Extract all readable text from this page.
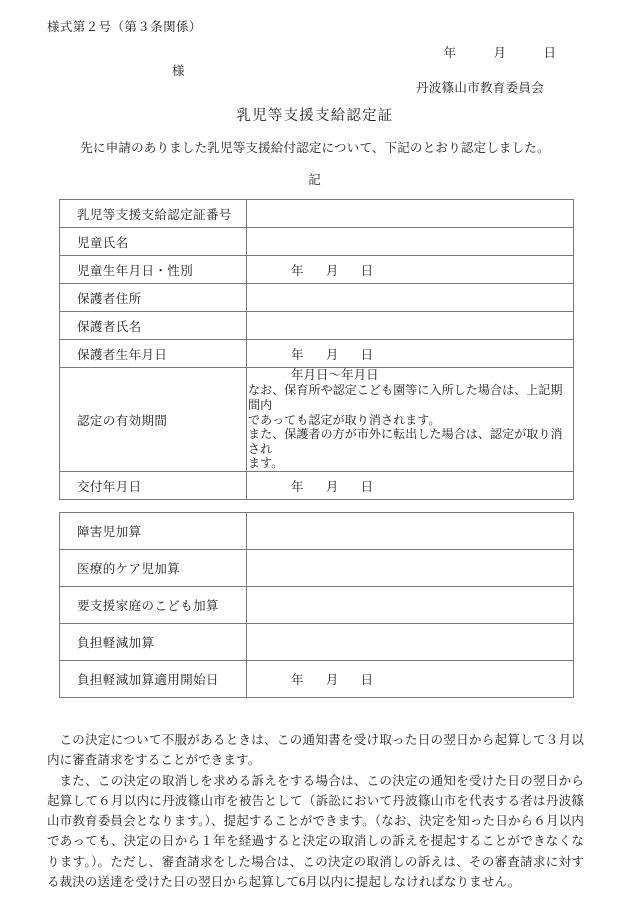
様式第２号（第３条関係）
年　　　月　　　日
様
丹波篠山市教育委員会
乳児等支援支給認定証
先に申請のありました乳児等支援給付認定について、下記のとおり認定しました。
記
乳児等支援支給認定証番号	
児童氏名	
児童生年月日・性別	年 月 日
保護者住所	
保護者氏名	
保護者生年月日	年 月 日
認定の有効期間	年月日〜年月日
なお、保育所や認定こども園等に入所した場合は、上記期間内
であっても認定が取り消されます。
また、保護者の方が市外に転出した場合は、認定が取り消され
ます。

交付年月日	年 月 日
障害児加算	
医療的ケア児加算	
要支援家庭のこども加算	
負担軽減加算	
負担軽減加算適用開始日	年 月 日

この決定について不服があるときは、この通知書を受け取った日の翌日から起算して３月以内に審査請求をすることができます。

また、この決定の取消しを求める訴えをする場合は、この決定の通知を受けた日の翌日から起算して６月以内に丹波篠山市を被告として（訴訟において丹波篠山市を代表する者は丹波篠山市教育委員会となります。）、提起することができます。（なお、決定を知った日から６月以内であっても、決定の日から１年を経過すると決定の取消しの訴えを提起することができなくなります。）。ただし、審査請求をした場合は、この決定の取消しの訴えは、その審査請求に対する裁決の送達を受けた日の翌日から起算して6月以内に提起しなければなりません。
